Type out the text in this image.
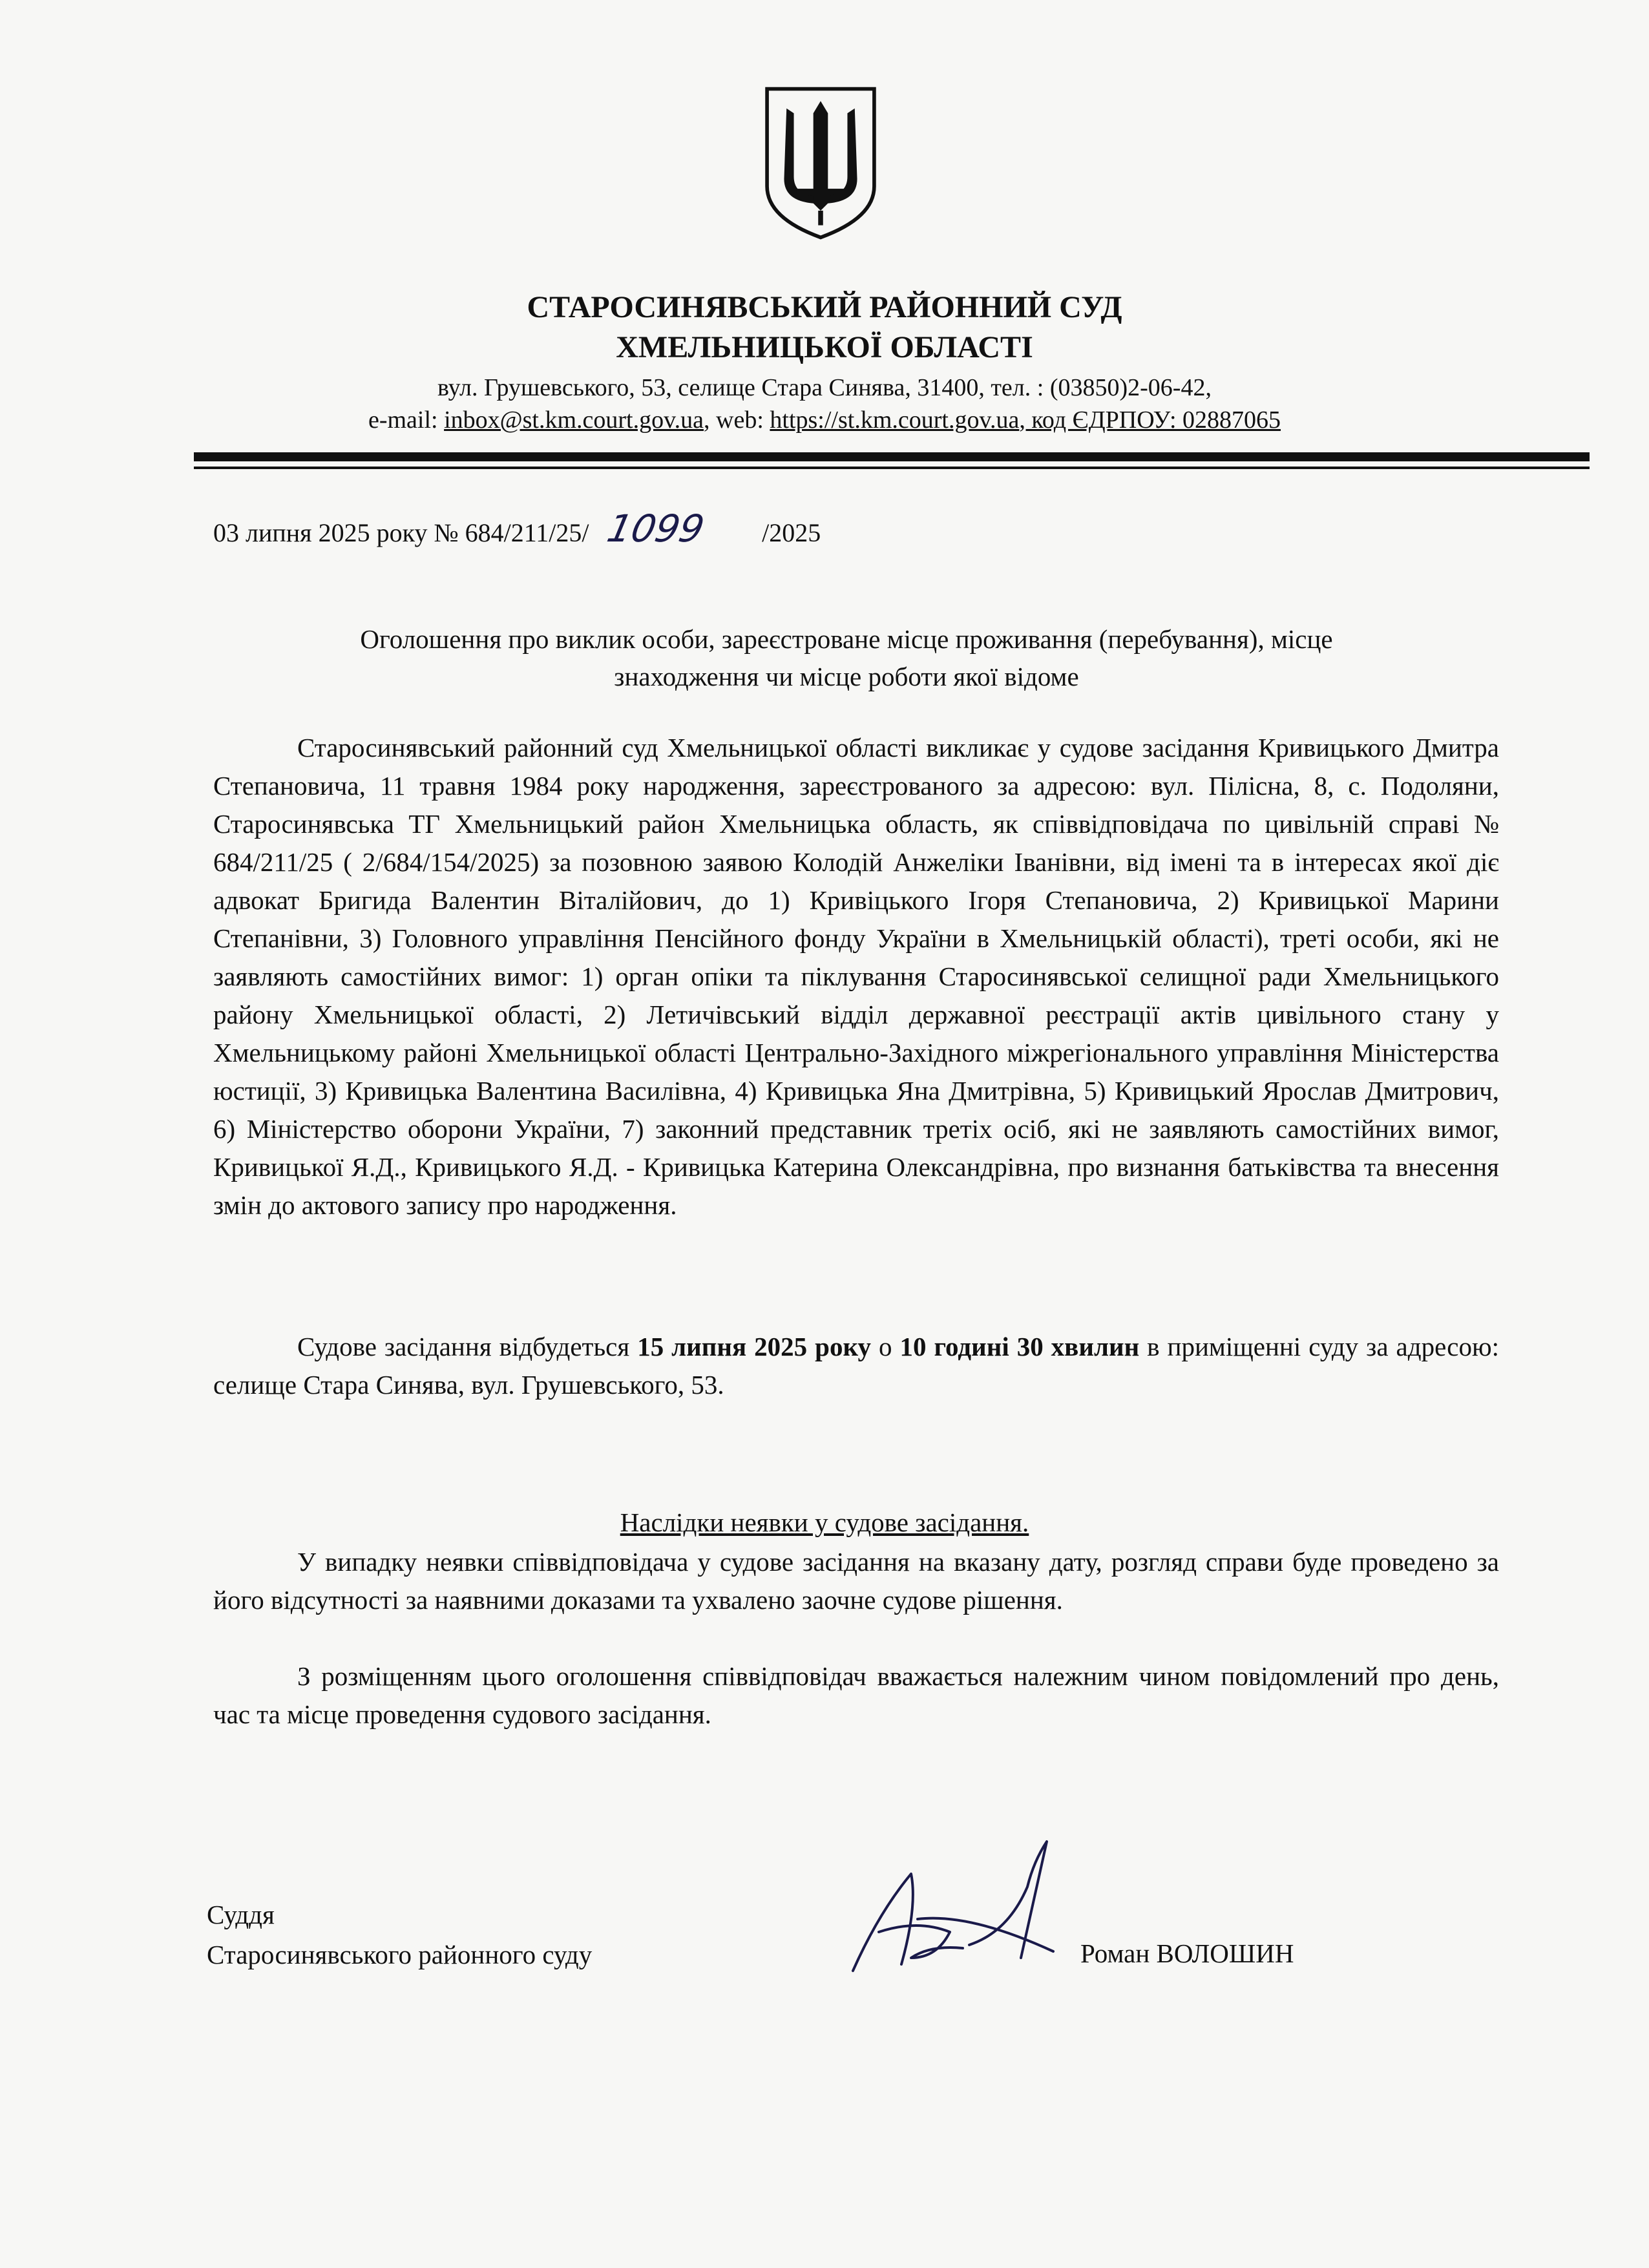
СТАРОСИНЯВСЬКИЙ РАЙОННИЙ СУД
ХМЕЛЬНИЦЬКОЇ ОБЛАСТІ
вул. Грушевського, 53, селище Стара Синява, 31400, тел. : (03850)2-06-42,
e-mail: inbox@st.km.court.gov.ua, web: https://st.km.court.gov.ua, код ЄДРПОУ: 02887065
03 липня 2025 року № 684/211/25/ 1099 /2025
Оголошення про виклик особи, зареєстроване місце проживання (перебування), місце
знаходження чи місце роботи якої відоме
Старосинявський районний суд Хмельницької області викликає у судове засідання Кривицького Дмитра Степановича, 11 травня 1984 року народження, зареєстрованого за адресою: вул. Пілісна, 8, с. Подоляни, Старосинявська ТГ Хмельницький район Хмельницька область, як співвідповідача по цивільній справі № 684/211/25 ( 2/684/154/2025) за позовною заявою Колодій Анжеліки Іванівни, від імені та в інтересах якої діє адвокат Бригида Валентин Віталійович, до 1) Кривіцького Ігоря Степановича, 2) Кривицької Марини Степанівни, 3) Головного управління Пенсійного фонду України в Хмельницькій області), треті особи, які не заявляють самостійних вимог: 1) орган опіки та піклування Старосинявської селищної ради Хмельницького району Хмельницької області, 2) Летичівський відділ державної реєстрації актів цивільного стану у Хмельницькому районі Хмельницької області Центрально-Західного міжрегіонального управління Міністерства юстиції, 3) Кривицька Валентина Василівна, 4) Кривицька Яна Дмитрівна, 5) Кривицький Ярослав Дмитрович, 6) Міністерство оборони України, 7) законний представник третіх осіб, які не заявляють самостійних вимог, Кривицької Я.Д., Кривицького Я.Д. - Кривицька Катерина Олександрівна, про визнання батьківства та внесення змін до актового запису про народження.
Судове засідання відбудеться 15 липня 2025 року о 10 годині 30 хвилин в приміщенні суду за адресою: селище Стара Синява, вул. Грушевського, 53.
Наслідки неявки у судове засідання.
У випадку неявки співвідповідача у судове засідання на вказану дату, розгляд справи буде проведено за його відсутності за наявними доказами та ухвалено заочне судове рішення.
З розміщенням цього оголошення співвідповідач вважається належним чином повідомлений про день, час та місце проведення судового засідання.
Суддя
Старосинявського районного суду	Роман ВОЛОШИН
